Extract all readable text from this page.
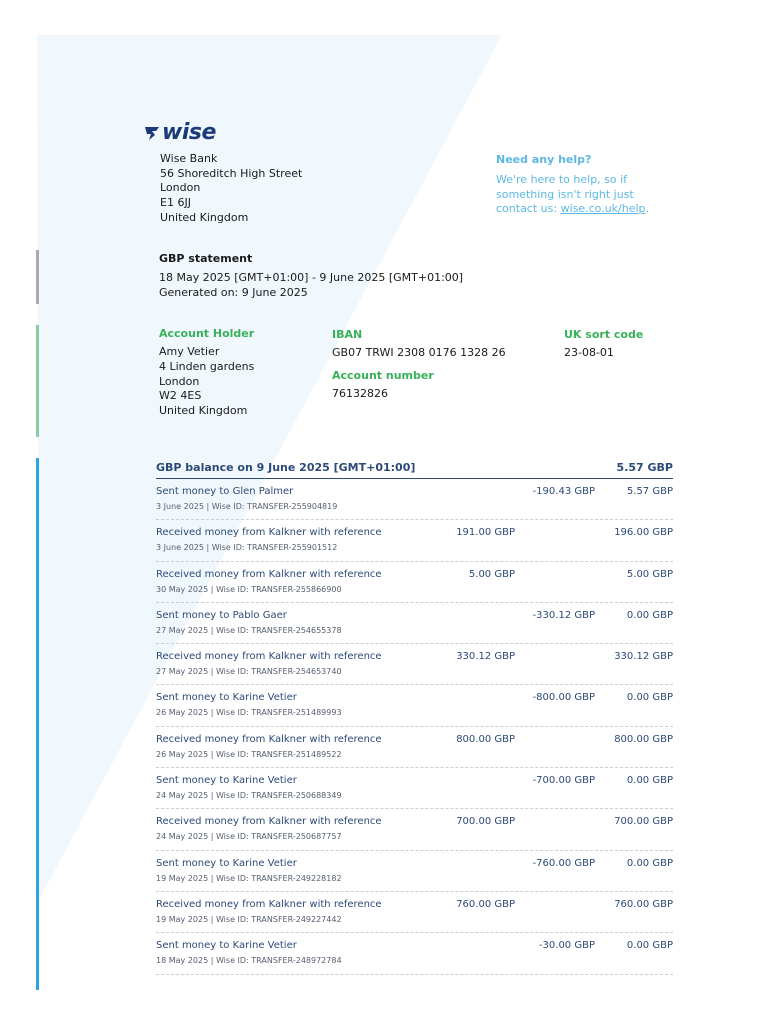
wise
Wise Bank
56 Shoreditch High Street
London
E1 6JJ
United Kingdom
Need any help?
We're here to help, so if
something isn't right just
contact us: wise.co.uk/help.
GBP statement
18 May 2025 [GMT+01:00] - 9 June 2025 [GMT+01:00]
Generated on: 9 June 2025
Account Holder
Amy Vetier
4 Linden gardens
London
W2 4ES
United Kingdom
IBAN
GB07 TRWI 2308 0176 1328 26
Account number
76132826
UK sort code
23-08-01
GBP balance on 9 June 2025 [GMT+01:00]	5.57 GBP
Sent money to Glen Palmer
3 June 2025 | Wise ID: TRANSFER-255904819
-190.43 GBP	5.57 GBP
Received money from Kalkner with reference
3 June 2025 | Wise ID: TRANSFER-255901512
191.00 GBP	196.00 GBP
Received money from Kalkner with reference
30 May 2025 | Wise ID: TRANSFER-255866900
5.00 GBP	5.00 GBP
Sent money to Pablo Gaer
27 May 2025 | Wise ID: TRANSFER-254655378
-330.12 GBP	0.00 GBP
Received money from Kalkner with reference
27 May 2025 | Wise ID: TRANSFER-254653740
330.12 GBP	330.12 GBP
Sent money to Karine Vetier
26 May 2025 | Wise ID: TRANSFER-251489993
-800.00 GBP	0.00 GBP
Received money from Kalkner with reference
26 May 2025 | Wise ID: TRANSFER-251489522
800.00 GBP	800.00 GBP
Sent money to Karine Vetier
24 May 2025 | Wise ID: TRANSFER-250688349
-700.00 GBP	0.00 GBP
Received money from Kalkner with reference
24 May 2025 | Wise ID: TRANSFER-250687757
700.00 GBP	700.00 GBP
Sent money to Karine Vetier
19 May 2025 | Wise ID: TRANSFER-249228182
-760.00 GBP	0.00 GBP
Received money from Kalkner with reference
19 May 2025 | Wise ID: TRANSFER-249227442
760.00 GBP	760.00 GBP
Sent money to Karine Vetier
18 May 2025 | Wise ID: TRANSFER-248972784
-30.00 GBP	0.00 GBP
